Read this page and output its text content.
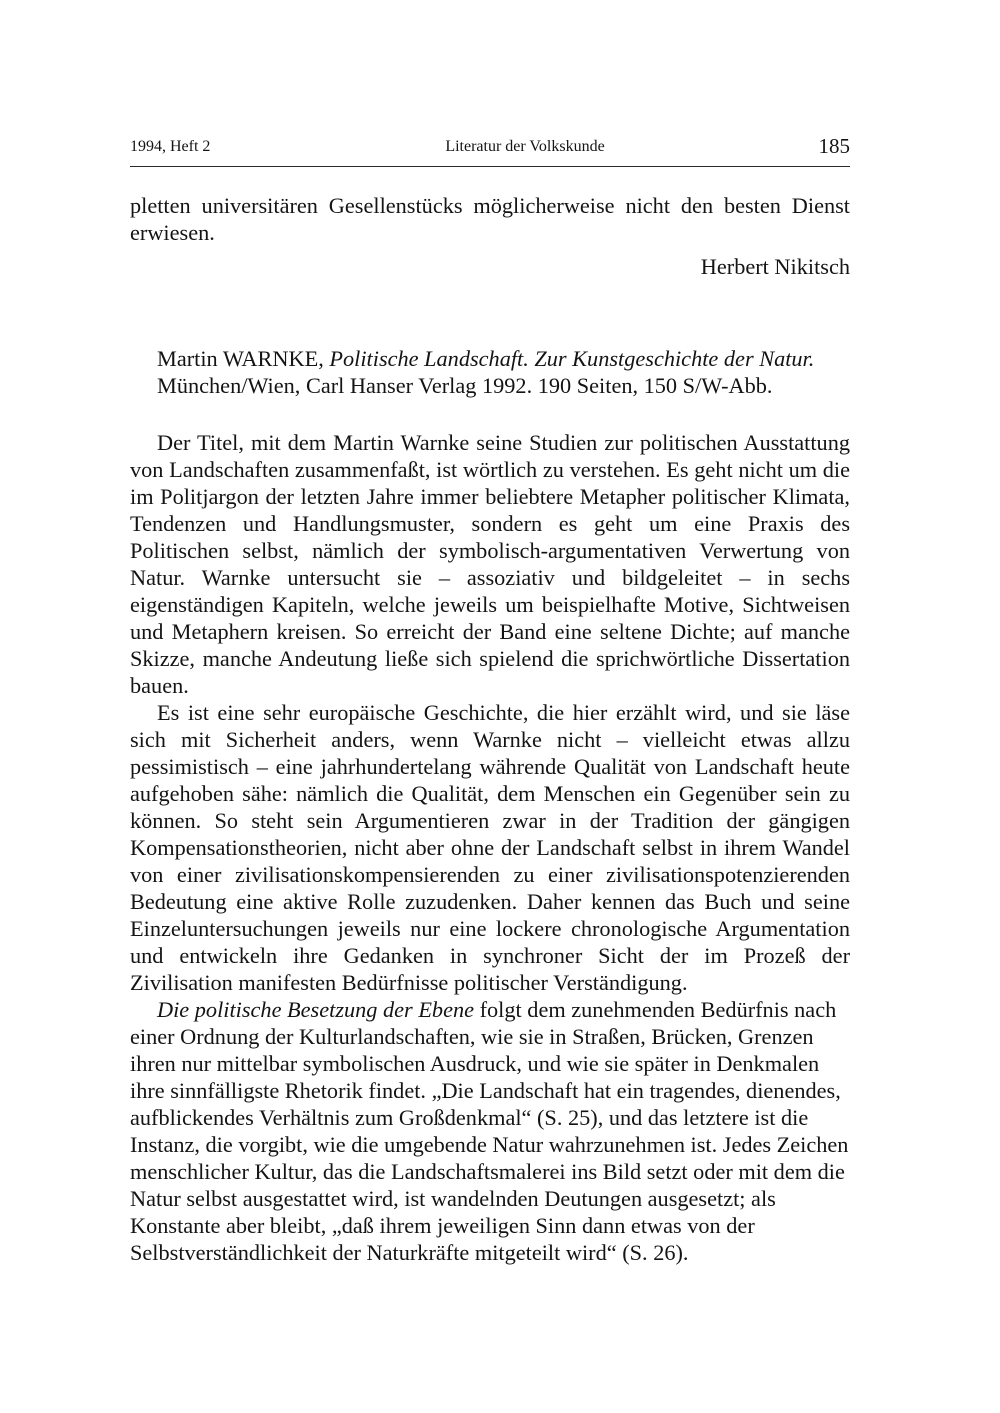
1994, Heft 2	Literatur der Volkskunde	185

pletten universitären Gesellenstücks möglicherweise nicht den besten Dienst erwiesen.

Herbert Nikitsch
Martin WARNKE, Politische Landschaft. Zur Kunstgeschichte der Natur.
München/Wien, Carl Hanser Verlag 1992. 190 Seiten, 150 S/W-Abb.

Der Titel, mit dem Martin Warnke seine Studien zur politischen Ausstattung von Landschaften zusammenfaßt, ist wörtlich zu verstehen. Es geht nicht um die im Politjargon der letzten Jahre immer beliebtere Metapher politischer Klimata, Tendenzen und Handlungsmuster, sondern es geht um eine Praxis des Politischen selbst, nämlich der symbolisch-argumentativen Verwertung von Natur. Warnke untersucht sie – assoziativ und bildgeleitet – in sechs eigenständigen Kapiteln, welche jeweils um beispielhafte Motive, Sichtweisen und Metaphern kreisen. So erreicht der Band eine seltene Dichte; auf manche Skizze, manche Andeutung ließe sich spielend die sprichwörtliche Dissertation bauen.

Es ist eine sehr europäische Geschichte, die hier erzählt wird, und sie läse sich mit Sicherheit anders, wenn Warnke nicht – vielleicht etwas allzu pessimistisch – eine jahrhundertelang währende Qualität von Landschaft heute aufgehoben sähe: nämlich die Qualität, dem Menschen ein Gegenüber sein zu können. So steht sein Argumentieren zwar in der Tradition der gängigen Kompensationstheorien, nicht aber ohne der Landschaft selbst in ihrem Wandel von einer zivilisationskompensierenden zu einer zivilisationspotenzierenden Bedeutung eine aktive Rolle zuzudenken. Daher kennen das Buch und seine Einzeluntersuchungen jeweils nur eine lockere chronologische Argumentation und entwickeln ihre Gedanken in synchroner Sicht der im Prozeß der Zivilisation manifesten Bedürfnisse politischer Verständigung.

Die politische Besetzung der Ebene folgt dem zunehmenden Bedürfnis nach einer Ordnung der Kulturlandschaften, wie sie in Straßen, Brücken, Grenzen ihren nur mittelbar symbolischen Ausdruck, und wie sie später in Denkmalen ihre sinnfälligste Rhetorik findet. „Die Landschaft hat ein tragendes, dienendes, aufblickendes Verhältnis zum Großdenkmal“ (S. 25), und das letztere ist die Instanz, die vorgibt, wie die umgebende Natur wahrzunehmen ist. Jedes Zeichen menschlicher Kultur, das die Landschaftsmalerei ins Bild setzt oder mit dem die Natur selbst ausgestattet wird, ist wandelnden Deutungen ausgesetzt; als Konstante aber bleibt, „daß ihrem jeweiligen Sinn dann etwas von der Selbstverständlichkeit der Naturkräfte mitgeteilt wird“ (S. 26).
